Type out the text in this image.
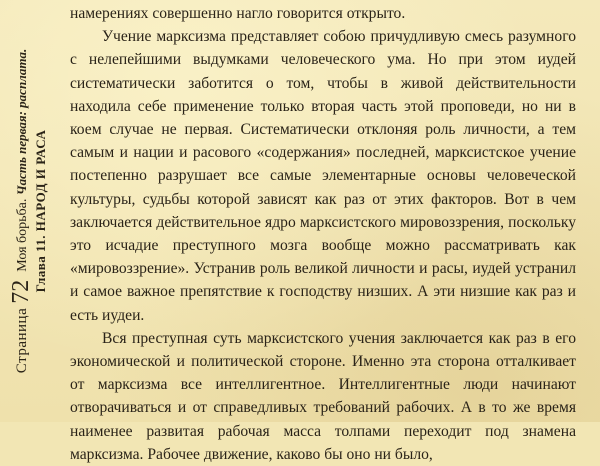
Страница72Моя борьба. Часть первая: расплата.
Глава 11. НАРОД И РАСА

намерениях совершенно нагло говорится открыто.

Учение марксизма представляет собою причудливую смесь разумного с нелепейшими выдумками человеческого ума. Но при этом иудей систематически заботится о том, чтобы в живой действительности находила себе применение только вторая часть этой проповеди, но ни в коем случае не первая. Систематически отклоняя роль личности, а тем самым и нации и расового «содержания» последней, марксистское учение постепенно разрушает все самые элементарные основы человеческой культуры, судьбы которой зависят как раз от этих факторов. Вот в чем заключается действительное ядро марксистского мировоззрения, поскольку это исчадие преступного мозга вообще можно рассматривать как «мировоззрение». Устранив роль великой личности и расы, иудей устранил и самое важное препятствие к господству низших. А эти низшие как раз и есть иудеи.

Вся преступная суть марксистского учения заключается как раз в его экономической и политической стороне. Именно эта сторона отталкивает от марксизма все интеллигентное. Интеллигентные люди начинают отворачиваться и от справедливых требований рабочих. А в то же время наименее развитая рабочая масса толпами переходит под знамена марксизма. Рабочее движение, каково бы оно ни было,
